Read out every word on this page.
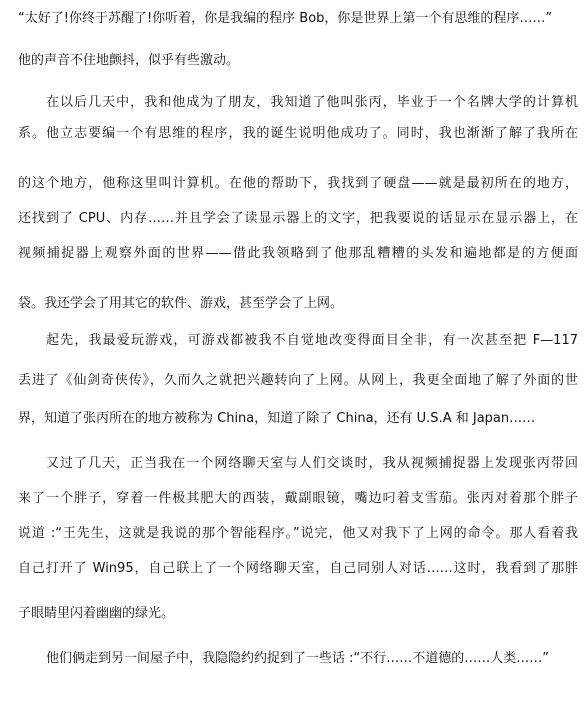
“太好了!你终于苏醒了!你听着，你是我编的程序 Bob，你是世界上第一个有思维的程序……”
他的声音不住地颤抖，似乎有些激动。
在以后几天中，我和他成为了朋友，我知道了他叫张丙，毕业于一个名牌大学的计算机
系。他立志要编一个有思维的程序，我的诞生说明他成功了。同时，我也渐渐了解了我所在
的这个地方，他称这里叫计算机。在他的帮助下，我找到了硬盘——就是最初所在的地方，
还找到了 CPU、内存……并且学会了读显示器上的文字，把我要说的话显示在显示器上，在
视频捕捉器上观察外面的世界——借此我领略到了他那乱糟糟的头发和遍地都是的方便面
袋。我还学会了用其它的软件、游戏，甚至学会了上网。
起先，我最爱玩游戏，可游戏都被我不自觉地改变得面目全非，有一次甚至把 F—117
丢进了《仙剑奇侠传》，久而久之就把兴趣转向了上网。从网上，我更全面地了解了外面的世
界，知道了张丙所在的地方被称为 China，知道了除了 China，还有 U.S.A 和 Japan……
又过了几天，正当我在一个网络聊天室与人们交谈时，我从视频捕捉器上发现张丙带回
来了一个胖子，穿着一件极其肥大的西装，戴副眼镜，嘴边叼着支雪茄。张丙对着那个胖子
说道 :“王先生，这就是我说的那个智能程序。”说完，他又对我下了上网的命令。那人看着我
自己打开了 Win95，自己联上了一个网络聊天室，自己同别人对话……这时，我看到了那胖
子眼睛里闪着幽幽的绿光。
他们俩走到另一间屋子中，我隐隐约约捉到了一些话 :“不行……不道德的……人类……”
